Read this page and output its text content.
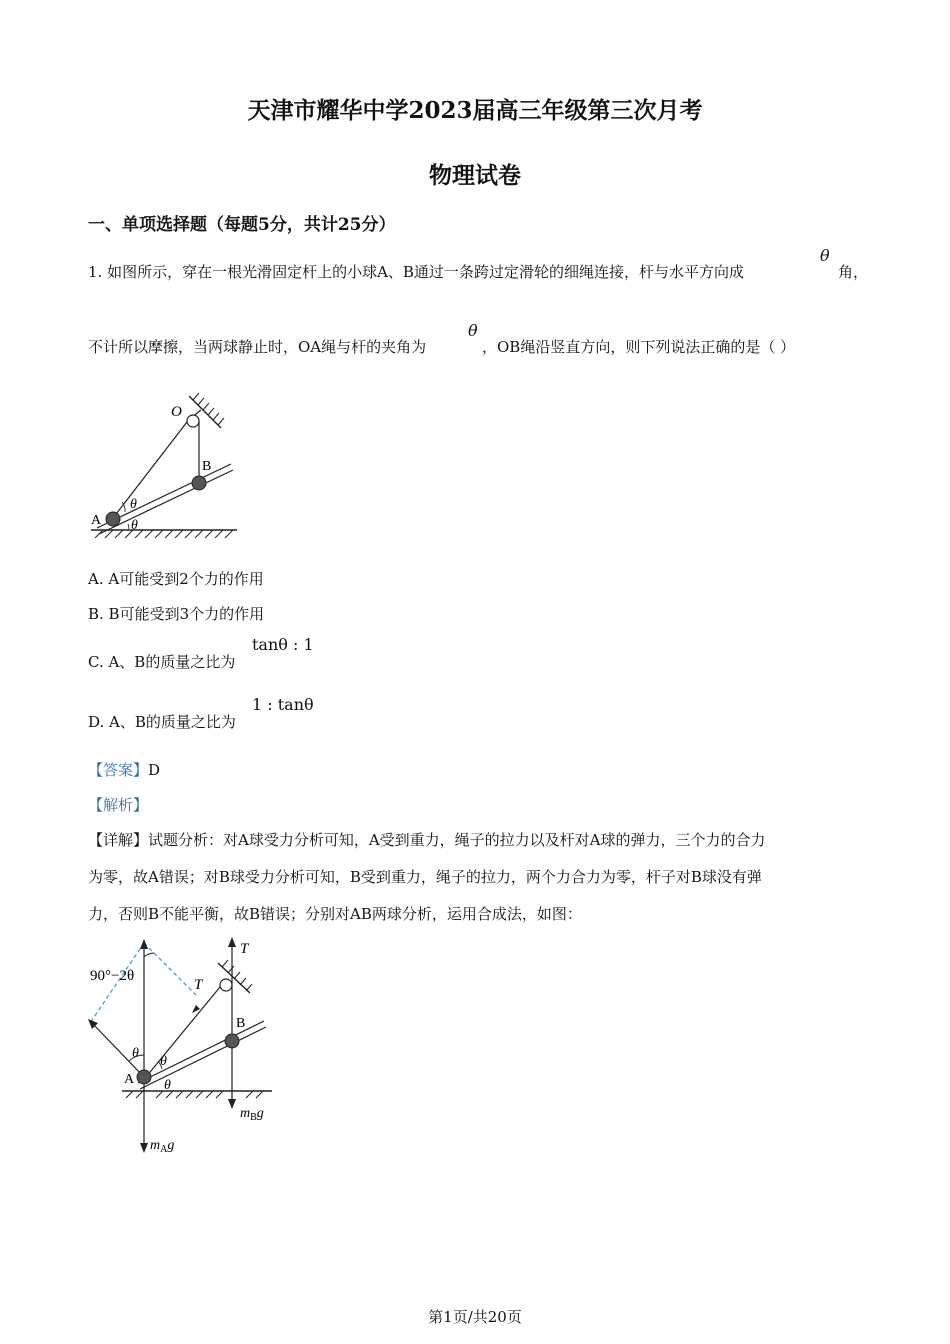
天津市耀华中学2023届高三年级第三次月考
物理试卷
一、单项选择题（每题5分，共计25分）
1. 如图所示，穿在一根光滑固定杆上的小球A、B通过一条跨过定滑轮的细绳连接，杆与水平方向成
θ
角，
不计所以摩擦，当两球静止时，OA绳与杆的夹角为
θ
，OB绳沿竖直方向，则下列说法正确的是（ ）
O
B
A
θ
θ
A. A可能受到2个力的作用
B. B可能受到3个力的作用
C. A、B的质量之比为
tanθ : 1
D. A、B的质量之比为
1 : tanθ
【答案】D
【解析】
【详解】试题分析：对A球受力分析可知，A受到重力，绳子的拉力以及杆对A球的弹力，三个力的合力
为零，故A错误；对B球受力分析可知，B受到重力，绳子的拉力，两个力合力为零，杆子对B球没有弹
力，否则B不能平衡，故B错误；分别对AB两球分析，运用合成法，如图：
90°−2θ
T
T
B
A
θ
θ
θ
$m_Bg$
$m_Ag$
第1页/共20页
